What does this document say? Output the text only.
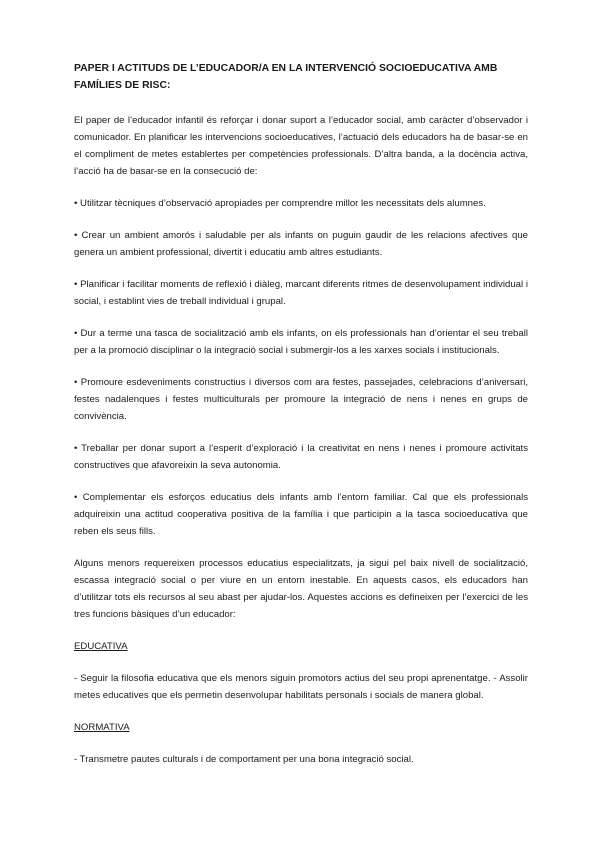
PAPER I ACTITUDS DE L’EDUCADOR/A EN LA INTERVENCIÓ SOCIOEDUCATIVA AMB FAMÍLIES DE RISC:

El paper de l’educador infantil és reforçar i donar suport a l’educador social, amb caràcter d’observador i comunicador. En planificar les intervencions socioeducatives, l’actuació dels educadors ha de basar-se en el compliment de metes establertes per competències professionals. D’altra banda, a la docència activa, l’acció ha de basar-se en la consecució de:

• Utilitzar tècniques d’observació apropiades per comprendre millor les necessitats dels alumnes.

• Crear un ambient amorós i saludable per als infants on puguin gaudir de les relacions afectives que genera un ambient professional, divertit i educatiu amb altres estudiants.

• Planificar i facilitar moments de reflexió i diàleg, marcant diferents ritmes de desenvolupament individual i social, i establint vies de treball individual i grupal.

• Dur a terme una tasca de socialització amb els infants, on els professionals han d’orientar el seu treball per a la promoció disciplinar o la integració social i submergir-los a les xarxes socials i institucionals.

• Promoure esdeveniments constructius i diversos com ara festes, passejades, celebracions d’aniversari, festes nadalenques i festes multiculturals per promoure la integració de nens i nenes en grups de convivència.

• Treballar per donar suport a l’esperit d’exploració i la creativitat en nens i nenes i promoure activitats constructives que afavoreixin la seva autonomia.

• Complementar els esforços educatius dels infants amb l’entorn familiar. Cal que els professionals adquireixin una actitud cooperativa positiva de la família i que participin a la tasca socioeducativa que reben els seus fills.

Alguns menors requereixen processos educatius especialitzats, ja sigui pel baix nivell de socialització, escassa integració social o per viure en un entorn inestable. En aquests casos, els educadors han d’utilitzar tots els recursos al seu abast per ajudar-los. Aquestes accions es defineixen per l’exercici de les tres funcions bàsiques d’un educador:

EDUCATIVA

- Seguir la filosofia educativa que els menors siguin promotors actius del seu propi aprenentatge. - Assolir metes educatives que els permetin desenvolupar habilitats personals i socials de manera global.

NORMATIVA

- Transmetre pautes culturals i de comportament per una bona integració social.
